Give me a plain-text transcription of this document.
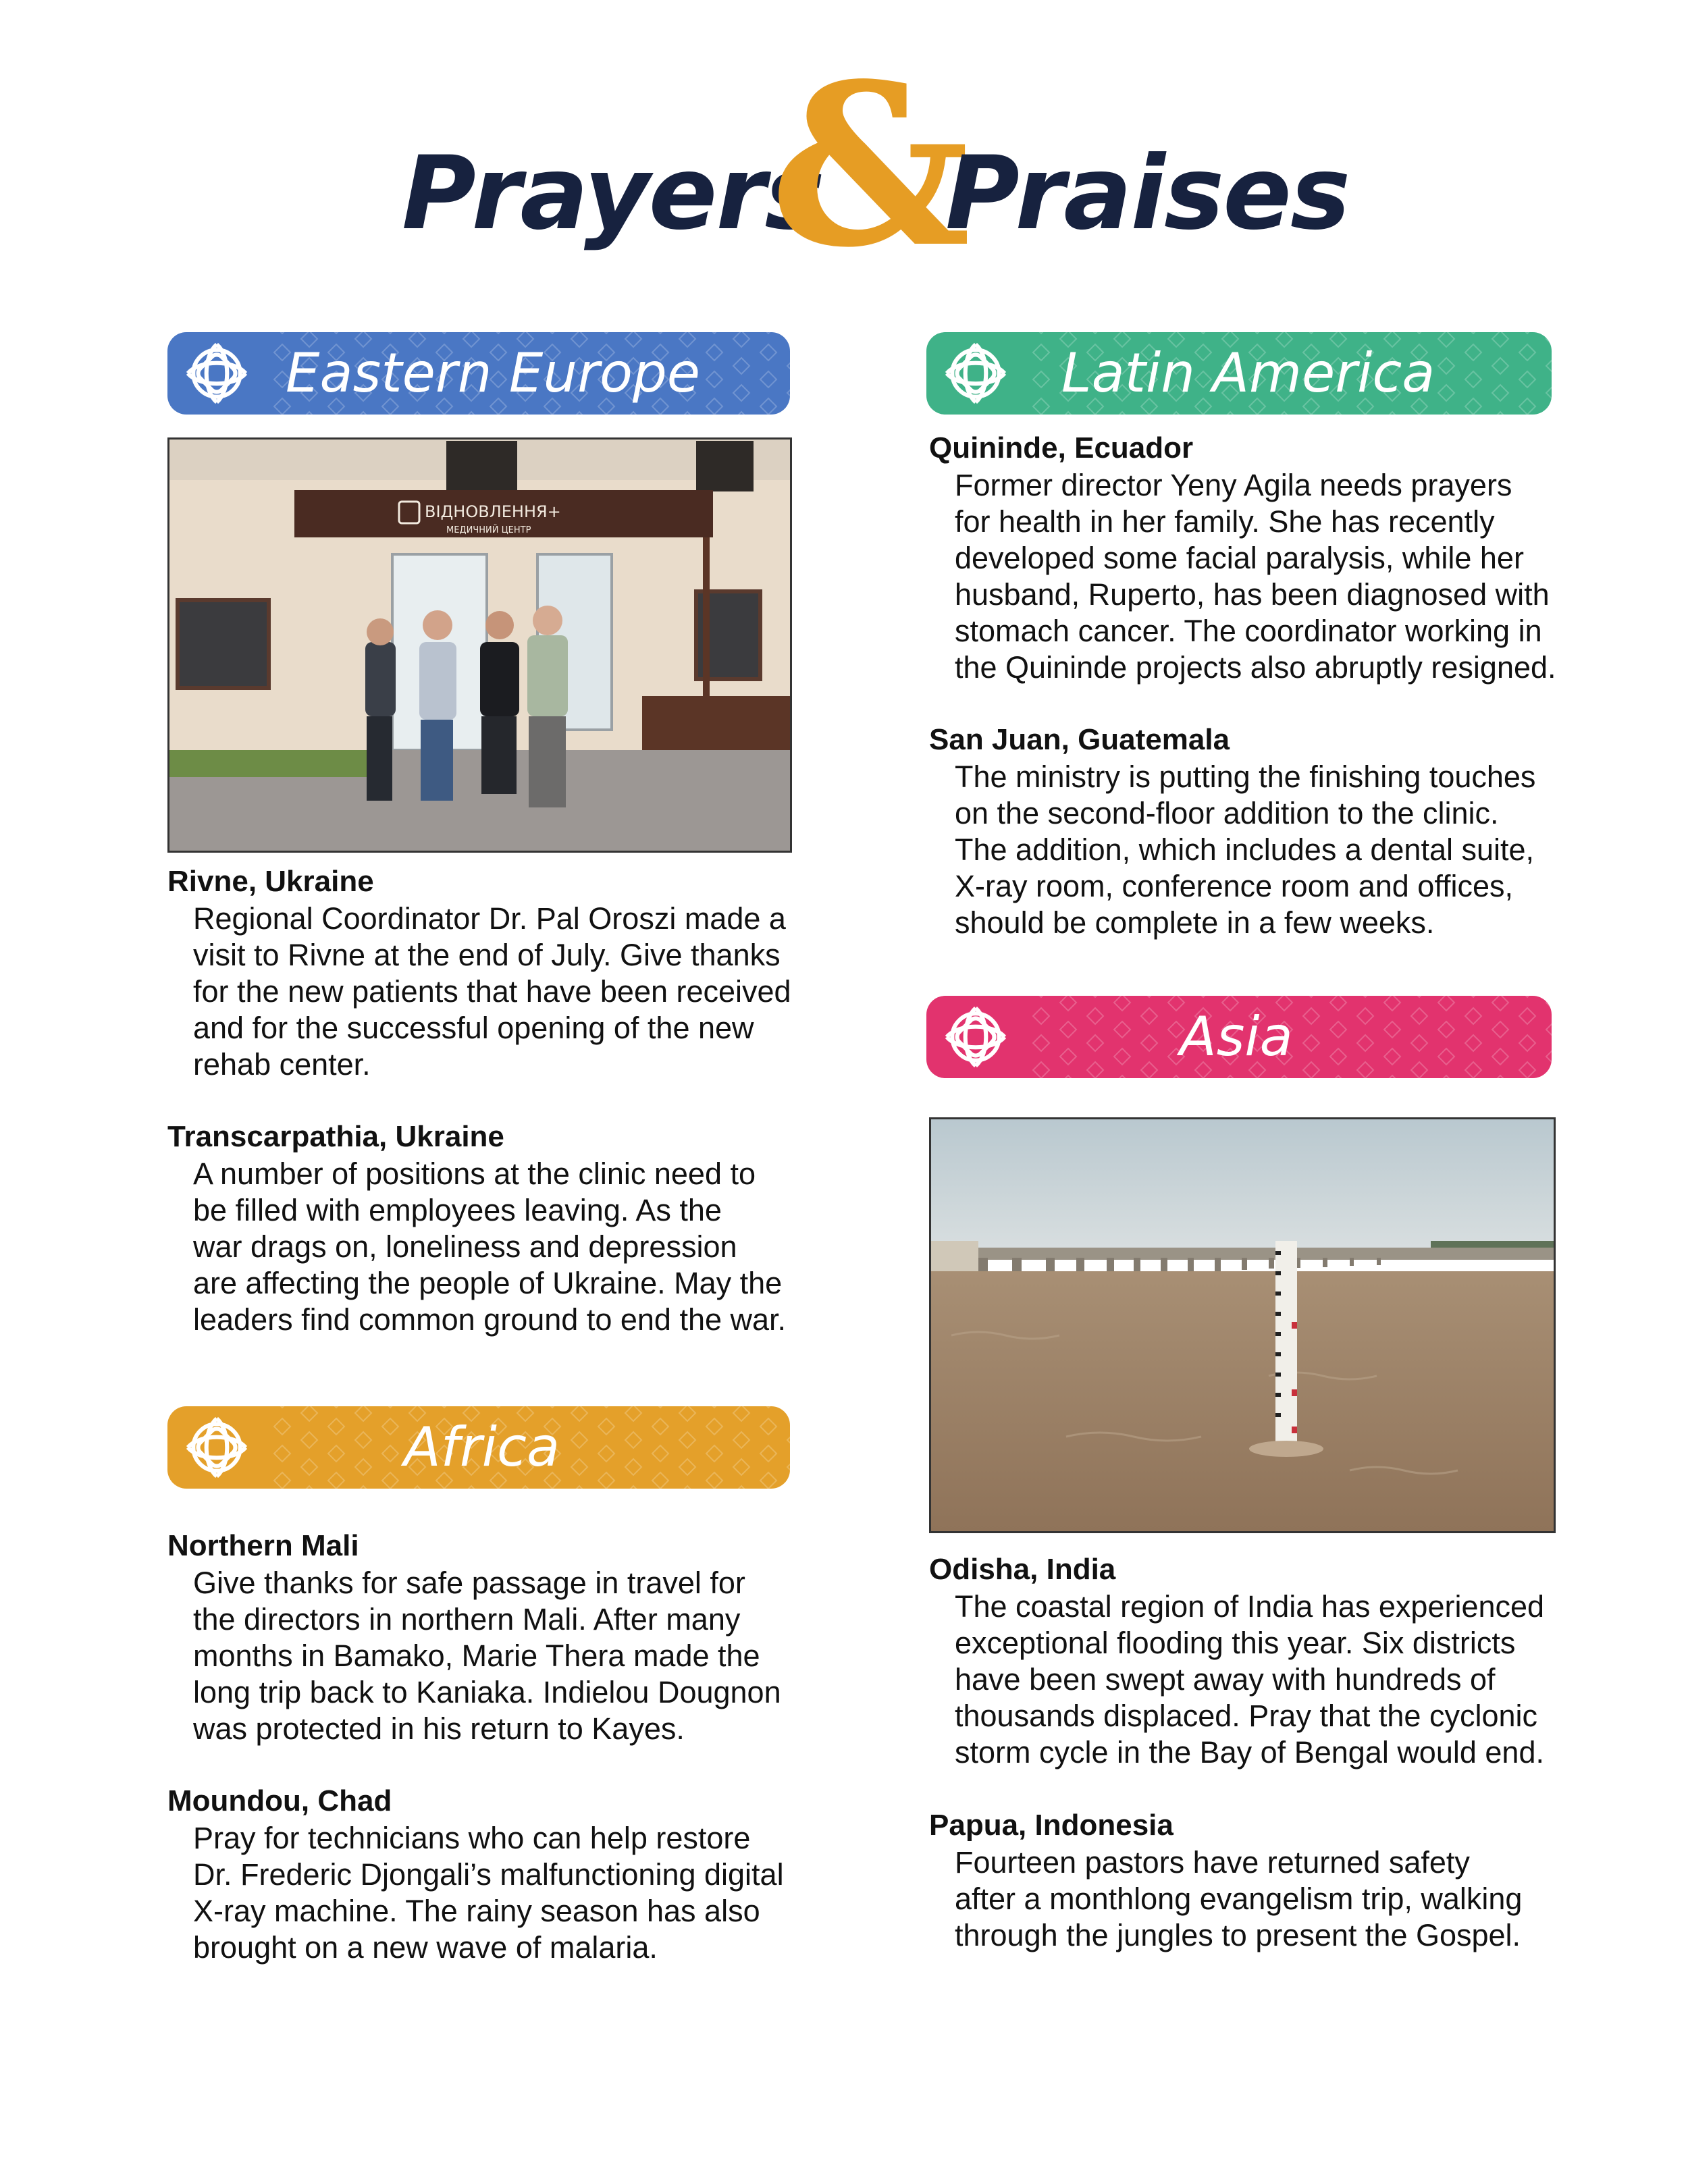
Prayers
&
Praises
Eastern Europe
ВІДНОВЛЕННЯ+
МЕДИЧНИЙ ЦЕНТР
Rivne, Ukraine

Regional Coordinator Dr. Pal Oroszi made a
visit to Rivne at the end of July. Give thanks
for the new patients that have been received
and for the successful opening of the new
rehab center.

Transcarpathia, Ukraine

A number of positions at the clinic need to
be filled with employees leaving. As the
war drags on, loneliness and depression
are affecting the people of Ukraine. May the
leaders find common ground to end the war.

Africa
Northern Mali

Give thanks for safe passage in travel for
the directors in northern Mali. After many
months in Bamako, Marie Thera made the
long trip back to Kaniaka. Indielou Dougnon
was protected in his return to Kayes.

Moundou, Chad

Pray for technicians who can help restore
Dr. Frederic Djongali’s malfunctioning digital
X-ray machine. The rainy season has also
brought on a new wave of malaria.

Latin America
Quininde, Ecuador

Former director Yeny Agila needs prayers
for health in her family. She has recently
developed some facial paralysis, while her
husband, Ruperto, has been diagnosed with
stomach cancer. The coordinator working in
the Quininde projects also abruptly resigned.

San Juan, Guatemala

The ministry is putting the finishing touches
on the second-floor addition to the clinic.
The addition, which includes a dental suite,
X-ray room, conference room and offices,
should be complete in a few weeks.

Asia
Odisha, India

The coastal region of India has experienced
exceptional flooding this year. Six districts
have been swept away with hundreds of
thousands displaced. Pray that the cyclonic
storm cycle in the Bay of Bengal would end.

Papua, Indonesia

Fourteen pastors have returned safety
after a monthlong evangelism trip, walking
through the jungles to present the Gospel.
